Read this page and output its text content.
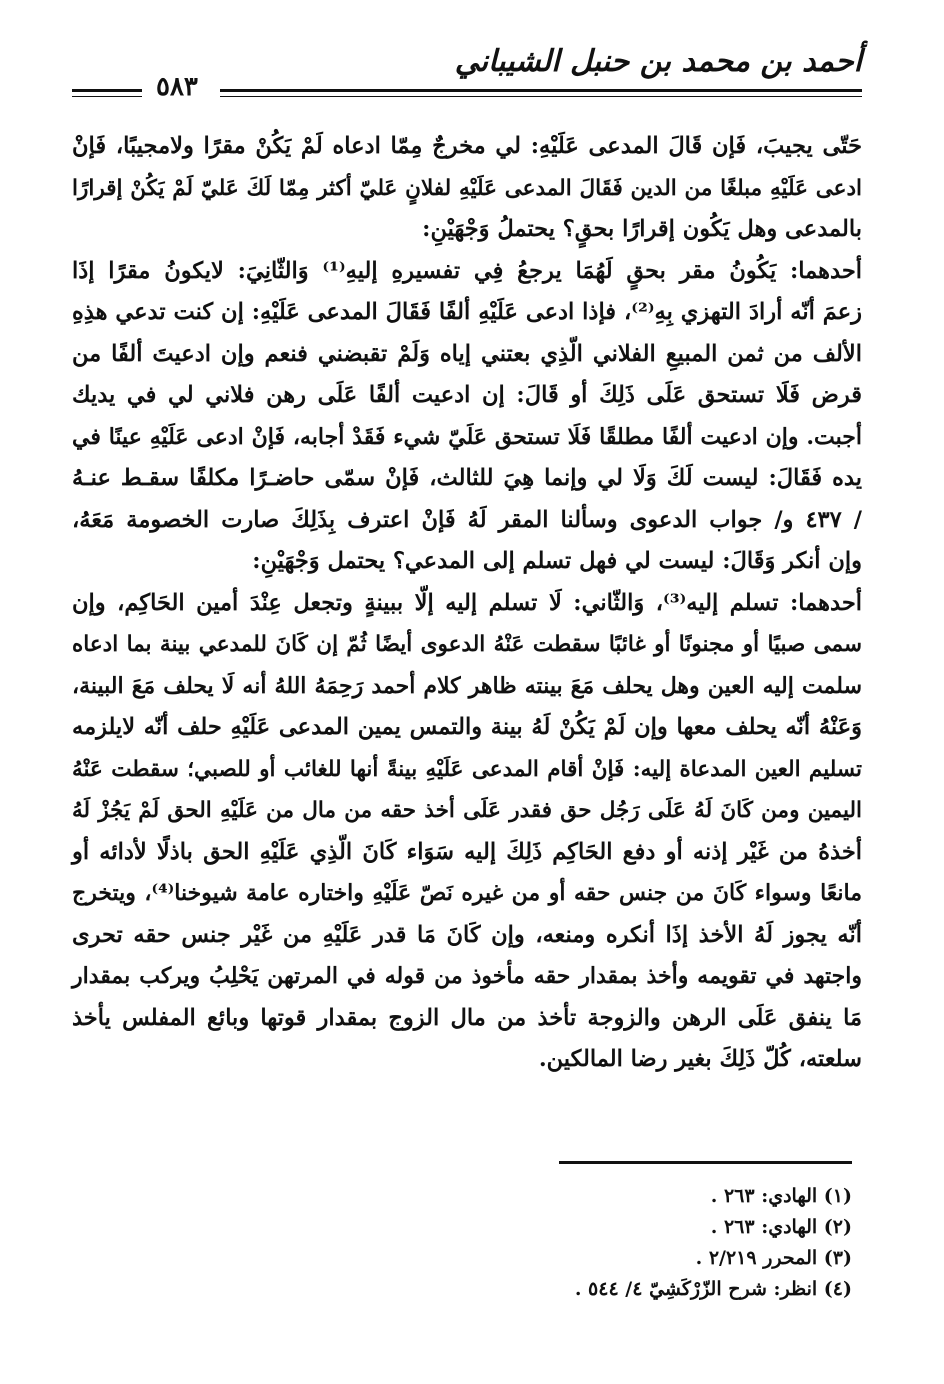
أحمد بن محمد بن حنبل الشيباني
٥٨٣
حَتّى يجيبَ، فَإن قَالَ المدعى عَلَيْهِ: لي مخرجٌ مِمّا ادعاه لَمْ يَكُنْ مقرًا ولامجيبًا، فَإنْ
ادعى عَلَيْهِ مبلغًا من الدين فَقَالَ المدعى عَلَيْهِ لفلانٍ عَليّ أكثر مِمّا لَكَ عَليّ لَمْ يَكُنْ إقرارًا
بالمدعى وهل يَكُون إقرارًا بحقٍ؟ يحتملُ وَجْهَيْنِ:
أحدهما: يَكُونُ مقر بحقٍ لَهُمَا يرجعُ فِي تفسيرهِ إليهِ⁽¹⁾ وَالثّانِيَ: لايكونُ مقرًا إذَا
زعمَ أنّه أرادَ التهزي بِهِ⁽²⁾، فإذا ادعى عَلَيْهِ ألفًا فَقَالَ المدعى عَلَيْهِ: إن كنت تدعي هذِهِ
الألف من ثمن المبيعِ الفلاني الّذِي بعتني إياه وَلَمْ تقبضني فنعم وإن ادعيتَ ألفًا من
قرض فَلَا تستحق عَلَى ذَلِكَ أو قَالَ: إن ادعيت ألفًا عَلَى رهن فلاني لي في يديك
أجبت. وإن ادعيت ألفًا مطلقًا فَلَا تستحق عَلَيّ شيء فَقَدْ أجابه، فَإنْ ادعى عَلَيْهِ عينًا في
يده فَقَالَ: ليست لَكَ وَلَا لي وإنما هِيَ للثالث، فَإنْ سمّى حاضـرًا مكلفًا سقـط عنـهُ
/ ٤٣٧ و/ جواب الدعوى وسألنا المقر لَهُ فَإنْ اعترف بِذَلِكَ صارت الخصومة مَعَهُ،
وإن أنكر وَقَالَ: ليست لي فهل تسلم إلى المدعي؟ يحتمل وَجْهَيْنِ:
أحدهما: تسلم إليه⁽³⁾، وَالثّاني: لَا تسلم إليه إلّا ببينةٍ وتجعل عِنْدَ أمين الحَاكِم، وإن
سمى صبيًا أو مجنونًا أو غائبًا سقطت عَنْهُ الدعوى أيضًا ثُمّ إن كَانَ للمدعي بينة بما ادعاه
سلمت إليه العين وهل يحلف مَعَ بينته ظاهر كلام أحمد رَحِمَهُ اللهُ أنه لَا يحلف مَعَ البينة،
وَعَنْهُ أنّه يحلف معها وإن لَمْ يَكُنْ لَهُ بينة والتمس يمين المدعى عَلَيْهِ حلف أنّه لايلزمه
تسليم العين المدعاة إليه: فَإنْ أقام المدعى عَلَيْهِ بينةً أنها للغائب أو للصبي؛ سقطت عَنْهُ
اليمين ومن كَانَ لَهُ عَلَى رَجُل حق فقدر عَلَى أخذ حقه من مال من عَلَيْهِ الحق لَمْ يَجُزْ لَهُ
أخذهُ من غَيْر إذنه أو دفع الحَاكِم ذَلِكَ إليه سَوَاء كَانَ الّذِي عَلَيْهِ الحق باذلًا لأدائه أو
مانعًا وسواء كَانَ من جنس حقه أو من غيره نَصّ عَلَيْهِ واختاره عامة شيوخنا⁽⁴⁾، ويتخرج
أنّه يجوز لَهُ الأخذ إذَا أنكره ومنعه، وإن كَانَ مَا قدر عَلَيْهِ من غَيْر جنس حقه تحرى
واجتهد في تقويمه وأخذ بمقدار حقه مأخوذ من قوله في المرتهن يَحْلِبُ ويركب بمقدار
مَا ينفق عَلَى الرهن والزوجة تأخذ من مال الزوج بمقدار قوتها وبائع المفلس يأخذ
سلعته، كُلّ ذَلِكَ بغير رضا المالكين.
(١) الهادي: ٢٦٣ .
(٢) الهادي: ٢٦٣ .
(٣) المحرر ٢/٢١٩ .
(٤) انظر: شرح الزّرْكَشِيّ ٤/ ٥٤٤ .
